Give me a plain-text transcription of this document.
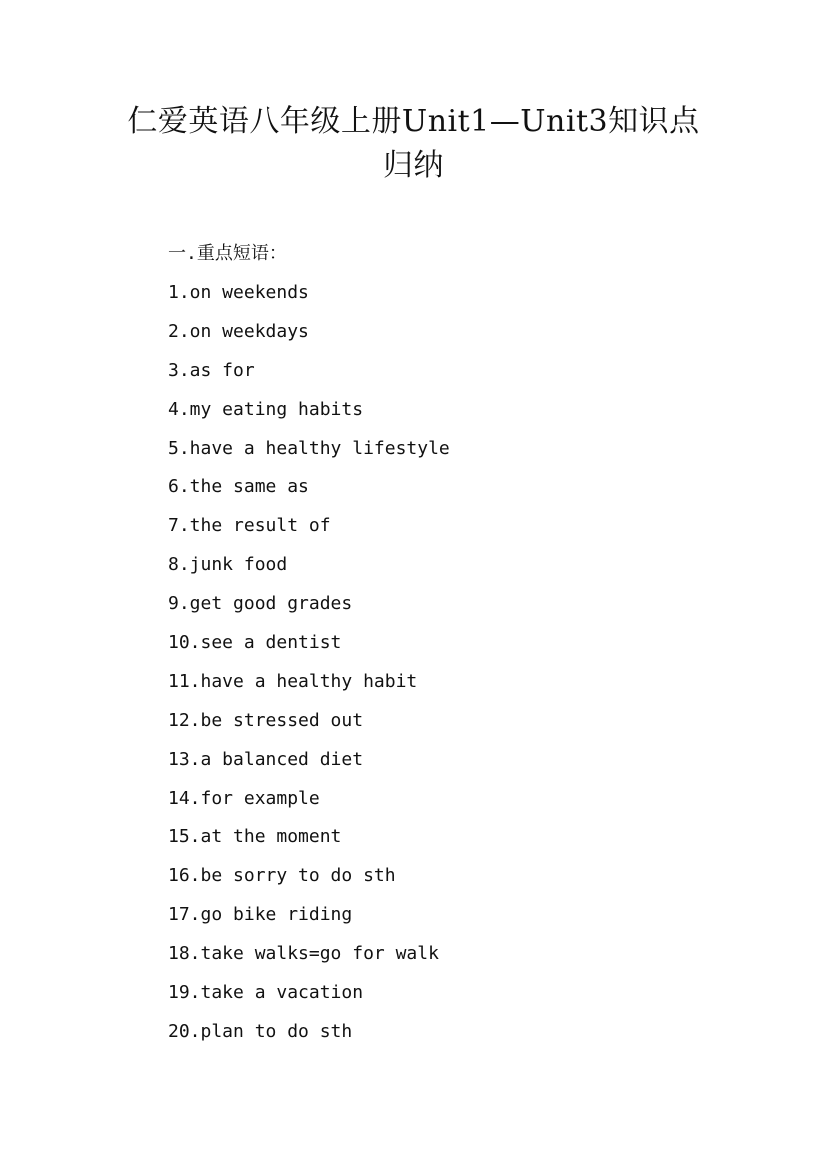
仁爱英语八年级上册Unit1—Unit3知识点
归纳
一.重点短语：
1.on weekends
2.on weekdays
3.as for
4.my eating habits
5.have a healthy lifestyle
6.the same as
7.the result of
8.junk food
9.get good grades
10.see a dentist
11.have a healthy habit
12.be stressed out
13.a balanced diet
14.for example
15.at the moment
16.be sorry to do sth
17.go bike riding
18.take walks=go for walk
19.take a vacation
20.plan to do sth
